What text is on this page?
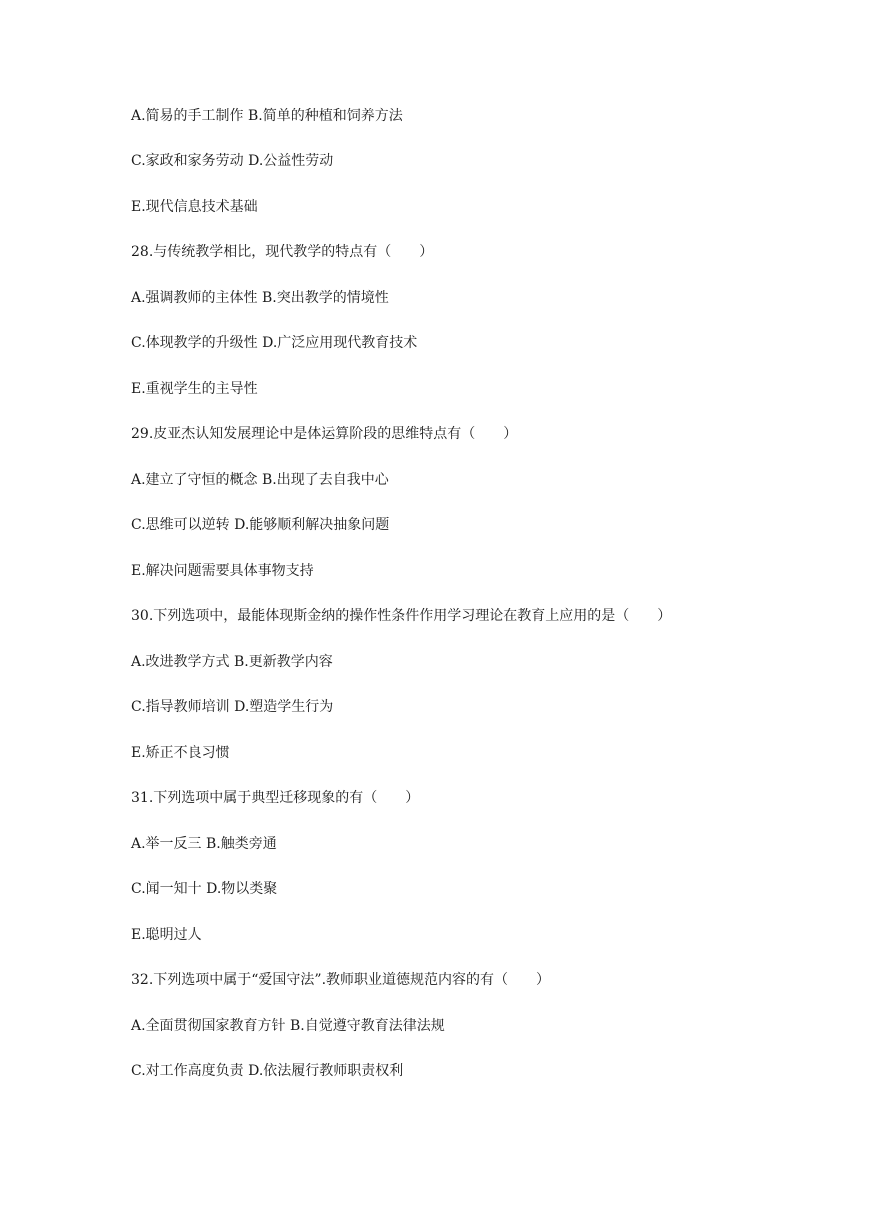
A.简易的手工制作 B.简单的种植和饲养方法
C.家政和家务劳动 D.公益性劳动
E.现代信息技术基础
28.与传统教学相比，现代教学的特点有（　　）
A.强调教师的主体性 B.突出教学的情境性
C.体现教学的升级性 D.广泛应用现代教育技术
E.重视学生的主导性
29.皮亚杰认知发展理论中是体运算阶段的思维特点有（　　）
A.建立了守恒的概念 B.出现了去自我中心
C.思维可以逆转 D.能够顺利解决抽象问题
E.解决问题需要具体事物支持
30.下列选项中，最能体现斯金纳的操作性条件作用学习理论在教育上应用的是（　　）
A.改进教学方式 B.更新教学内容
C.指导教师培训 D.塑造学生行为
E.矫正不良习惯
31.下列选项中属于典型迁移现象的有（　　）
A.举一反三 B.触类旁通
C.闻一知十 D.物以类聚
E.聪明过人
32.下列选项中属于“爱国守法”.教师职业道德规范内容的有（　　）
A.全面贯彻国家教育方针 B.自觉遵守教育法律法规
C.对工作高度负责 D.依法履行教师职责权利
